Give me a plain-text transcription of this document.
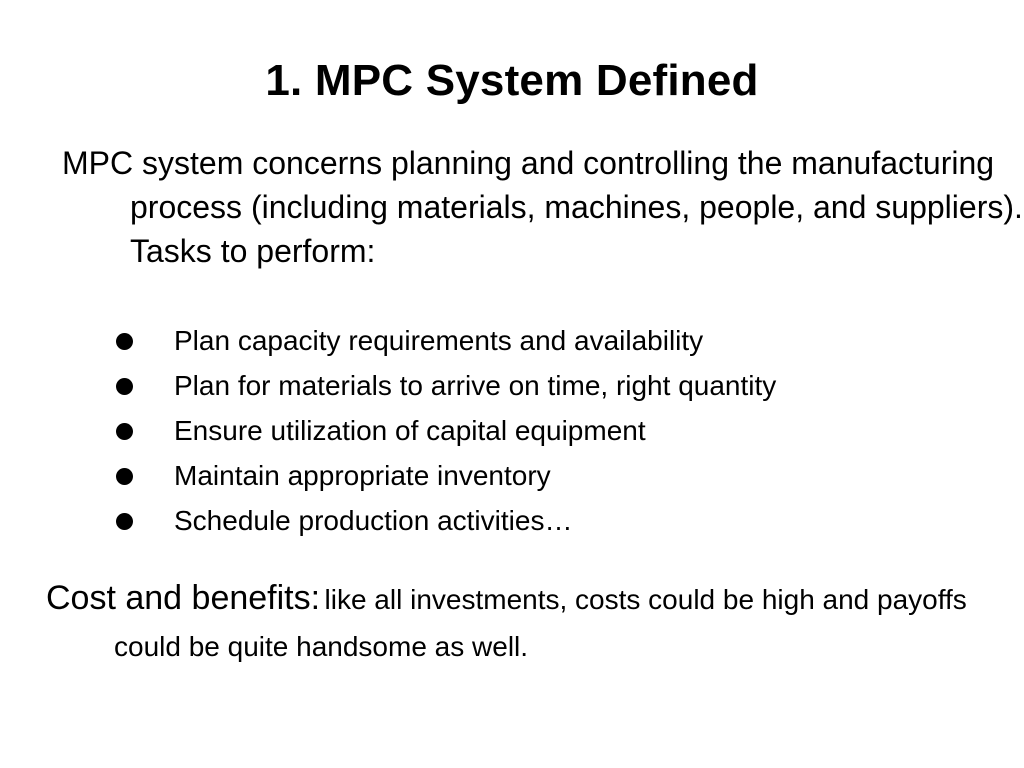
1. MPC System Defined
MPC system concerns planning and controlling the manufacturing process (including materials, machines, people, and suppliers). Tasks to perform:
Plan capacity requirements and availability
Plan for materials to arrive on time, right quantity
Ensure utilization of capital equipment
Maintain appropriate inventory
Schedule production activities…
Cost and benefits: like all investments, costs could be high and payoffs could be quite handsome as well.
